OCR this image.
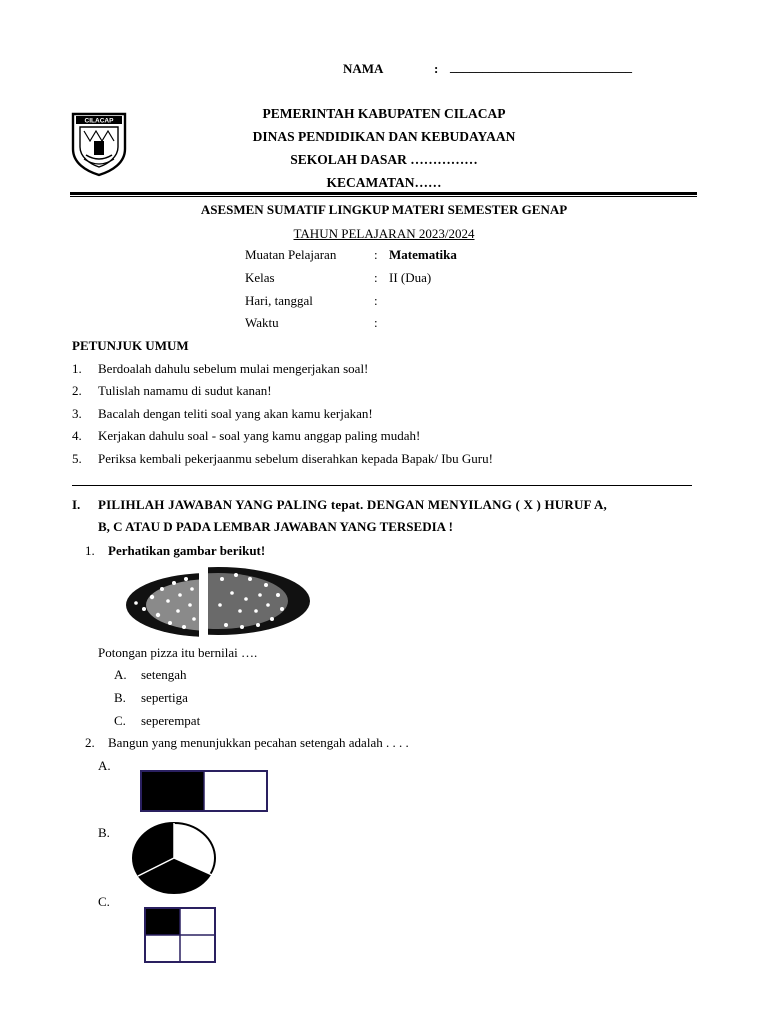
NAMA	: ____________________________
CILACAP	PEMERINTAH KABUPATEN CILACAP
DINAS PENDIDIKAN DAN KEBUDAYAAN
SEKOLAH DASAR ……………
KECAMATAN……
ASESMEN SUMATIF LINGKUP MATERI SEMESTER GENAP
TAHUN PELAJARAN 2023/2024
Muatan Pelajaran	: Matematika
Kelas	: II (Dua)
Hari, tanggal	:
Waktu	:
PETUNJUK UMUM
1. Berdoalah dahulu sebelum mulai mengerjakan soal!
2. Tulislah namamu di sudut kanan!
3. Bacalah dengan teliti soal yang akan kamu kerjakan!
4. Kerjakan dahulu soal - soal yang kamu anggap paling mudah!
5. Periksa kembali pekerjaanmu sebelum diserahkan kepada Bapak/ Ibu Guru!
I. PILIHLAH JAWABAN YANG PALING tepat. DENGAN MENYILANG ( X ) HURUF A,
B, C ATAU D PADA LEMBAR JAWABAN YANG TERSEDIA !
1. Perhatikan gambar berikut!
Potongan pizza itu bernilai ….
A. setengah
B. sepertiga
C. seperempat
2. Bangun yang menunjukkan pecahan setengah adalah . . . .
A.
B.
C.
